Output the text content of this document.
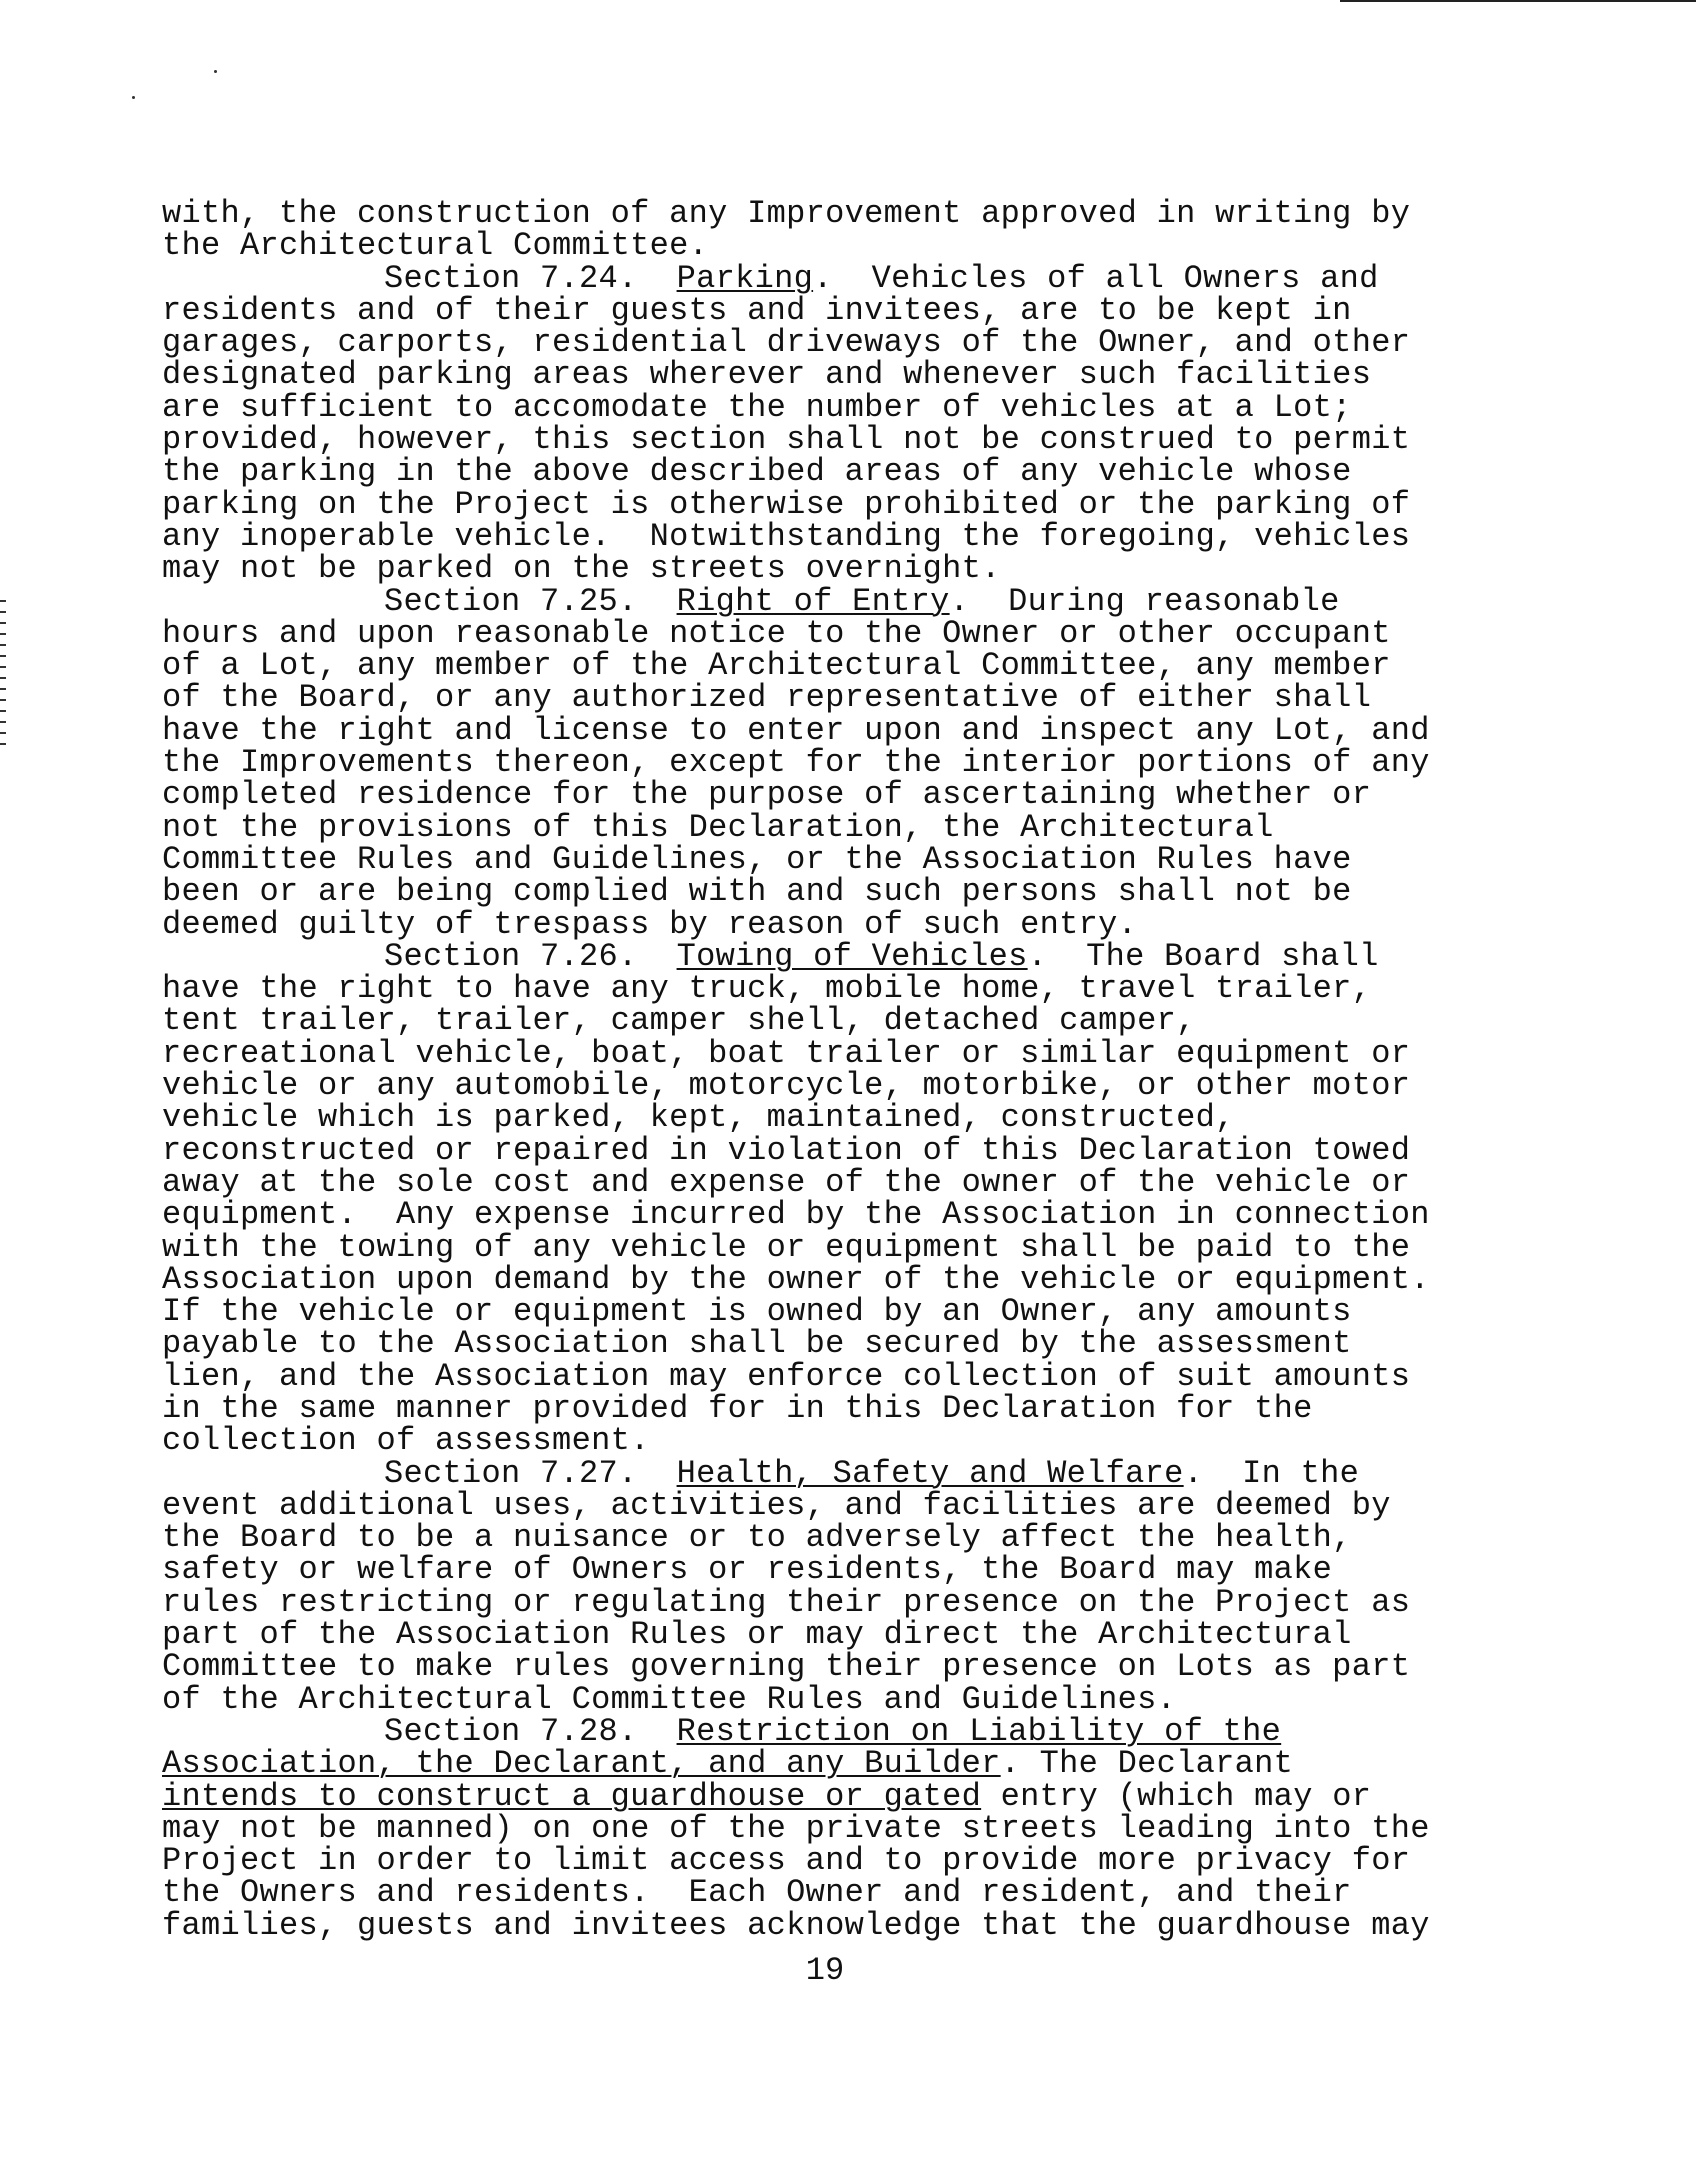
with, the construction of any Improvement approved in writing by
the Architectural Committee.
Section 7.24. Parking.  Vehicles of all Owners and
residents and of their guests and invitees, are to be kept in
garages, carports, residential driveways of the Owner, and other
designated parking areas wherever and whenever such facilities
are sufficient to accomodate the number of vehicles at a Lot;
provided, however, this section shall not be construed to permit
the parking in the above described areas of any vehicle whose
parking on the Project is otherwise prohibited or the parking of
any inoperable vehicle.  Notwithstanding the foregoing, vehicles
may not be parked on the streets overnight.
Section 7.25. Right of Entry.  During reasonable
hours and upon reasonable notice to the Owner or other occupant
of a Lot, any member of the Architectural Committee, any member
of the Board, or any authorized representative of either shall
have the right and license to enter upon and inspect any Lot, and
the Improvements thereon, except for the interior portions of any
completed residence for the purpose of ascertaining whether or
not the provisions of this Declaration, the Architectural
Committee Rules and Guidelines, or the Association Rules have
been or are being complied with and such persons shall not be
deemed guilty of trespass by reason of such entry.
Section 7.26. Towing of Vehicles.  The Board shall
have the right to have any truck, mobile home, travel trailer,
tent trailer, trailer, camper shell, detached camper,
recreational vehicle, boat, boat trailer or similar equipment or
vehicle or any automobile, motorcycle, motorbike, or other motor
vehicle which is parked, kept, maintained, constructed,
reconstructed or repaired in violation of this Declaration towed
away at the sole cost and expense of the owner of the vehicle or
equipment.  Any expense incurred by the Association in connection
with the towing of any vehicle or equipment shall be paid to the
Association upon demand by the owner of the vehicle or equipment.
If the vehicle or equipment is owned by an Owner, any amounts
payable to the Association shall be secured by the assessment
lien, and the Association may enforce collection of suit amounts
in the same manner provided for in this Declaration for the
collection of assessment.
Section 7.27. Health, Safety and Welfare.  In the
event additional uses, activities, and facilities are deemed by
the Board to be a nuisance or to adversely affect the health,
safety or welfare of Owners or residents, the Board may make
rules restricting or regulating their presence on the Project as
part of the Association Rules or may direct the Architectural
Committee to make rules governing their presence on Lots as part
of the Architectural Committee Rules and Guidelines.
Section 7.28. Restriction on Liability of the
Association, the Declarant, and any Builder. The Declarant
intends to construct a guardhouse or gated entry (which may or
may not be manned) on one of the private streets leading into the
Project in order to limit access and to provide more privacy for
the Owners and residents.  Each Owner and resident, and their
families, guests and invitees acknowledge that the guardhouse may
19
